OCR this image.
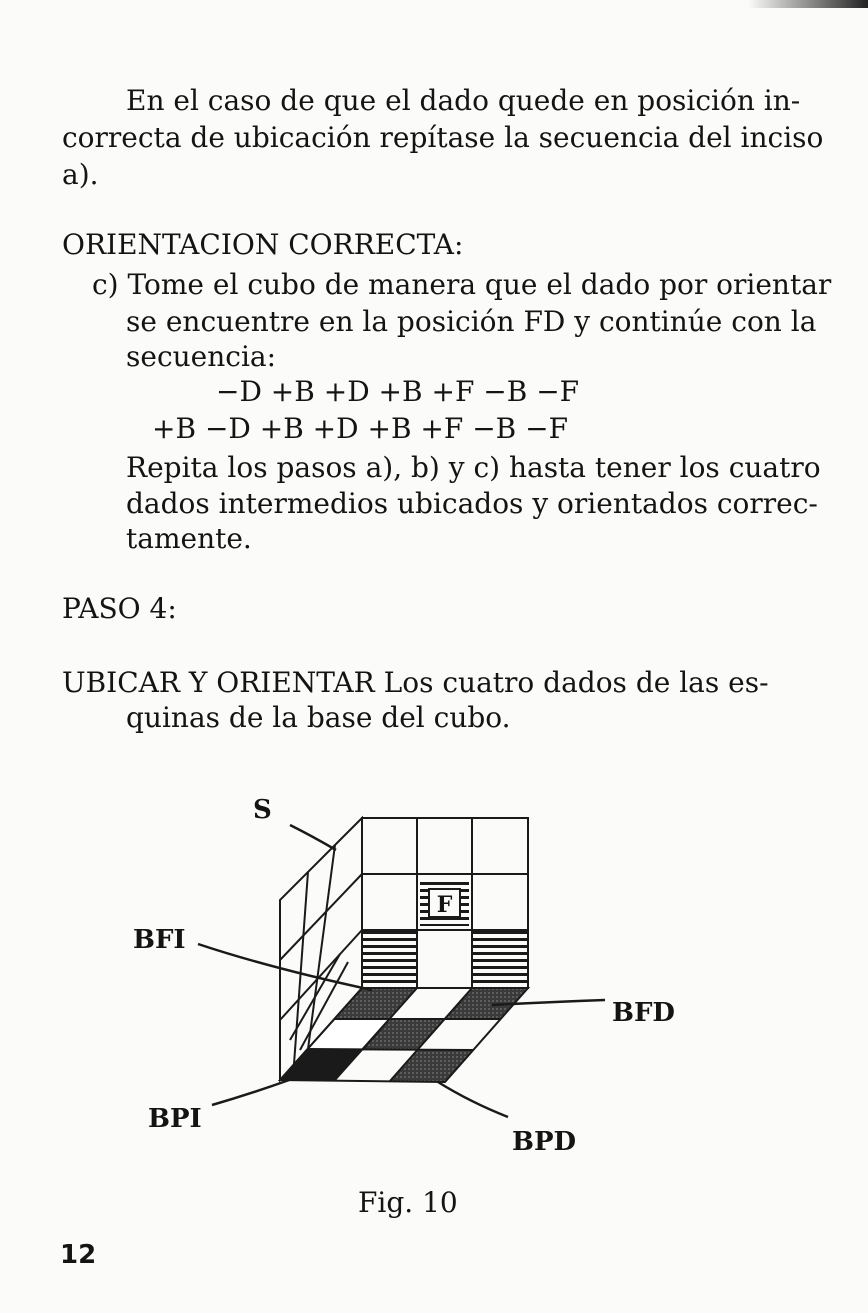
En el caso de que el dado quede en posición in-
correcta de ubicación repítase la secuencia del inciso
a).
ORIENTACION CORRECTA:
c) Tome el cubo de manera que el dado por orientar
se encuentre en la posición FD y continúe con la
secuencia:
−D +B +D +B +F −B −F
+B −D +B +D +B +F −B −F
Repita los pasos a), b) y c) hasta tener los cuatro
dados intermedios ubicados y orientados correc-
tamente.
PASO 4:
UBICAR Y ORIENTAR Los cuatro dados de las es-
quinas de la base del cubo.
F
S
BFI
BFD
BPI
BPD
Fig. 10
12
